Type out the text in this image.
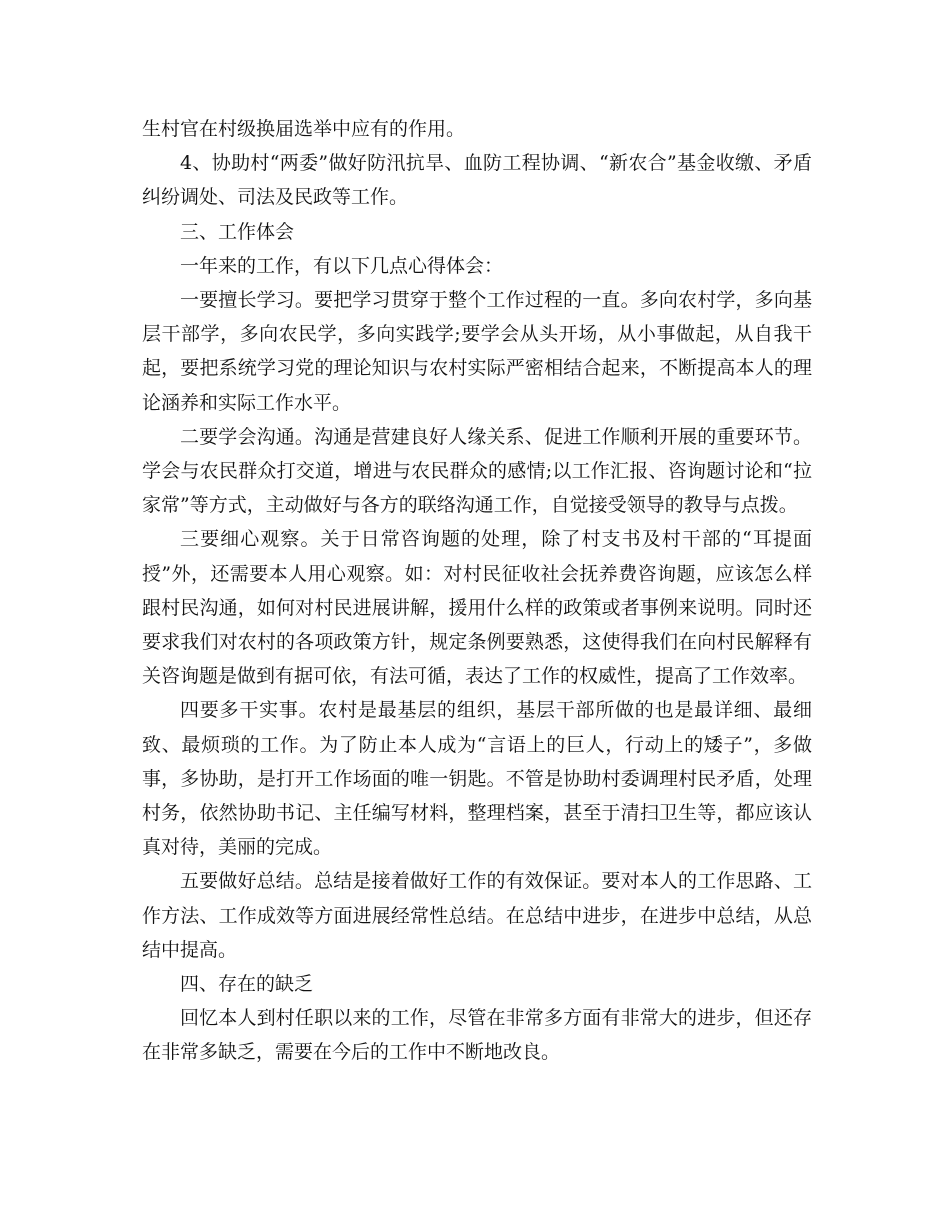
生村官在村级换届选举中应有的作用。

4、协助村“两委”做好防汛抗旱、血防工程协调、“新农合”基金收缴、矛盾纠纷调处、司法及民政等工作。

三、工作体会

一年来的工作，有以下几点心得体会：

一要擅长学习。要把学习贯穿于整个工作过程的一直。多向农村学，多向基层干部学，多向农民学，多向实践学;要学会从头开场，从小事做起，从自我干起，要把系统学习党的理论知识与农村实际严密相结合起来，不断提高本人的理论涵养和实际工作水平。

二要学会沟通。沟通是营建良好人缘关系、促进工作顺利开展的重要环节。学会与农民群众打交道，增进与农民群众的感情;以工作汇报、咨询题讨论和“拉家常”等方式，主动做好与各方的联络沟通工作，自觉接受领导的教导与点拨。

三要细心观察。关于日常咨询题的处理，除了村支书及村干部的“耳提面授”外，还需要本人用心观察。如：对村民征收社会抚养费咨询题，应该怎么样跟村民沟通，如何对村民进展讲解，援用什么样的政策或者事例来说明。同时还要求我们对农村的各项政策方针，规定条例要熟悉，这使得我们在向村民解释有关咨询题是做到有据可依，有法可循，表达了工作的权威性，提高了工作效率。

四要多干实事。农村是最基层的组织，基层干部所做的也是最详细、最细致、最烦琐的工作。为了防止本人成为“言语上的巨人，行动上的矮子”，多做事，多协助，是打开工作场面的唯一钥匙。不管是协助村委调理村民矛盾，处理村务，依然协助书记、主任编写材料，整理档案，甚至于清扫卫生等，都应该认真对待，美丽的完成。

五要做好总结。总结是接着做好工作的有效保证。要对本人的工作思路、工作方法、工作成效等方面进展经常性总结。在总结中进步，在进步中总结，从总结中提高。

四、存在的缺乏

回忆本人到村任职以来的工作，尽管在非常多方面有非常大的进步，但还存在非常多缺乏，需要在今后的工作中不断地改良。
